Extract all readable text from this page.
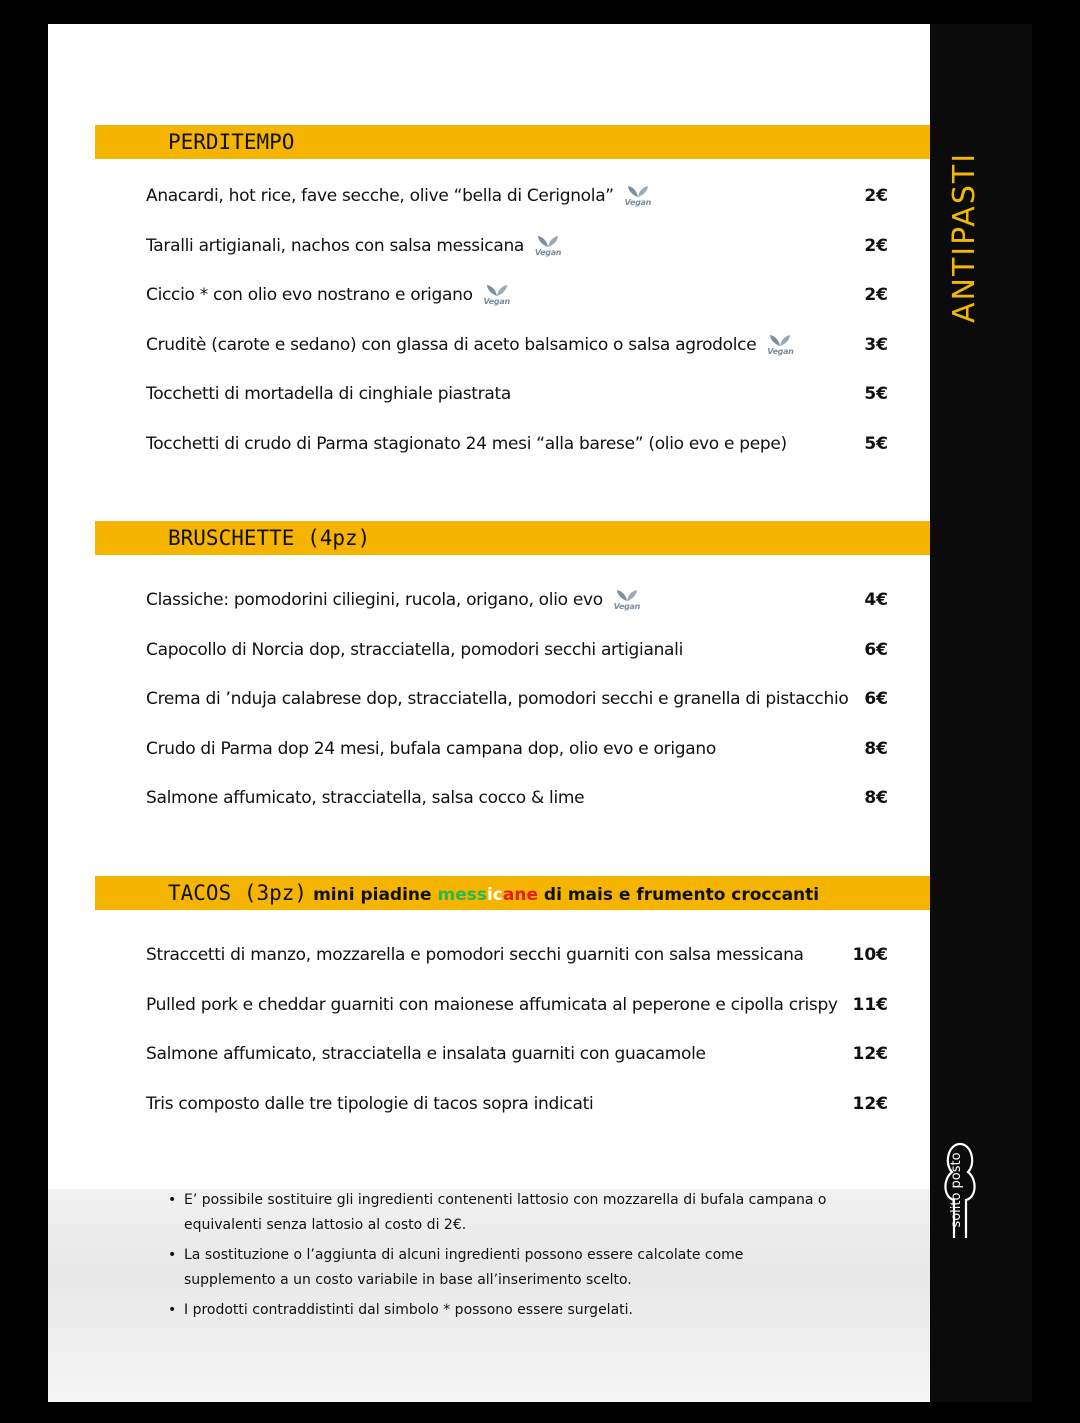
ANTIPASTI
solito posto
PERDITEMPO
Anacardi, hot rice, fave secche, olive “bella di Cerignola”	Vegan	2€
Taralli artigianali, nachos con salsa messicana	Vegan	2€
Ciccio * con olio evo nostrano e origano	Vegan	2€
Cruditè (carote e sedano) con glassa di aceto balsamico o salsa agrodolce	Vegan	3€
Tocchetti di mortadella di cinghiale piastrata	5€
Tocchetti di crudo di Parma stagionato 24 mesi “alla barese” (olio evo e pepe)	5€
BRUSCHETTE (4pz)
Classiche: pomodorini ciliegini, rucola, origano, olio evo	Vegan	4€
Capocollo di Norcia dop, stracciatella, pomodori secchi artigianali	6€
Crema di ’nduja calabrese dop, stracciatella, pomodori secchi e granella di pistacchio 6€
Crudo di Parma dop 24 mesi, bufala campana dop, olio evo e origano	8€
Salmone affumicato, stracciatella, salsa cocco & lime	8€
TACOS (3pz) mini piadine messicane di mais e frumento croccanti
Straccetti di manzo, mozzarella e pomodori secchi guarniti con salsa messicana	10€
Pulled pork e cheddar guarniti con maionese affumicata al peperone e cipolla crispy 11€
Salmone affumicato, stracciatella e insalata guarniti con guacamole	12€
Tris composto dalle tre tipologie di tacos sopra indicati	12€
• E’ possibile sostituire gli ingredienti contenenti lattosio con mozzarella di bufala campana o equivalenti senza lattosio al costo di 2€.
• La sostituzione o l’aggiunta di alcuni ingredienti possono essere calcolate come supplemento a un costo variabile in base all’inserimento scelto.
• I prodotti contraddistinti dal simbolo * possono essere surgelati.
